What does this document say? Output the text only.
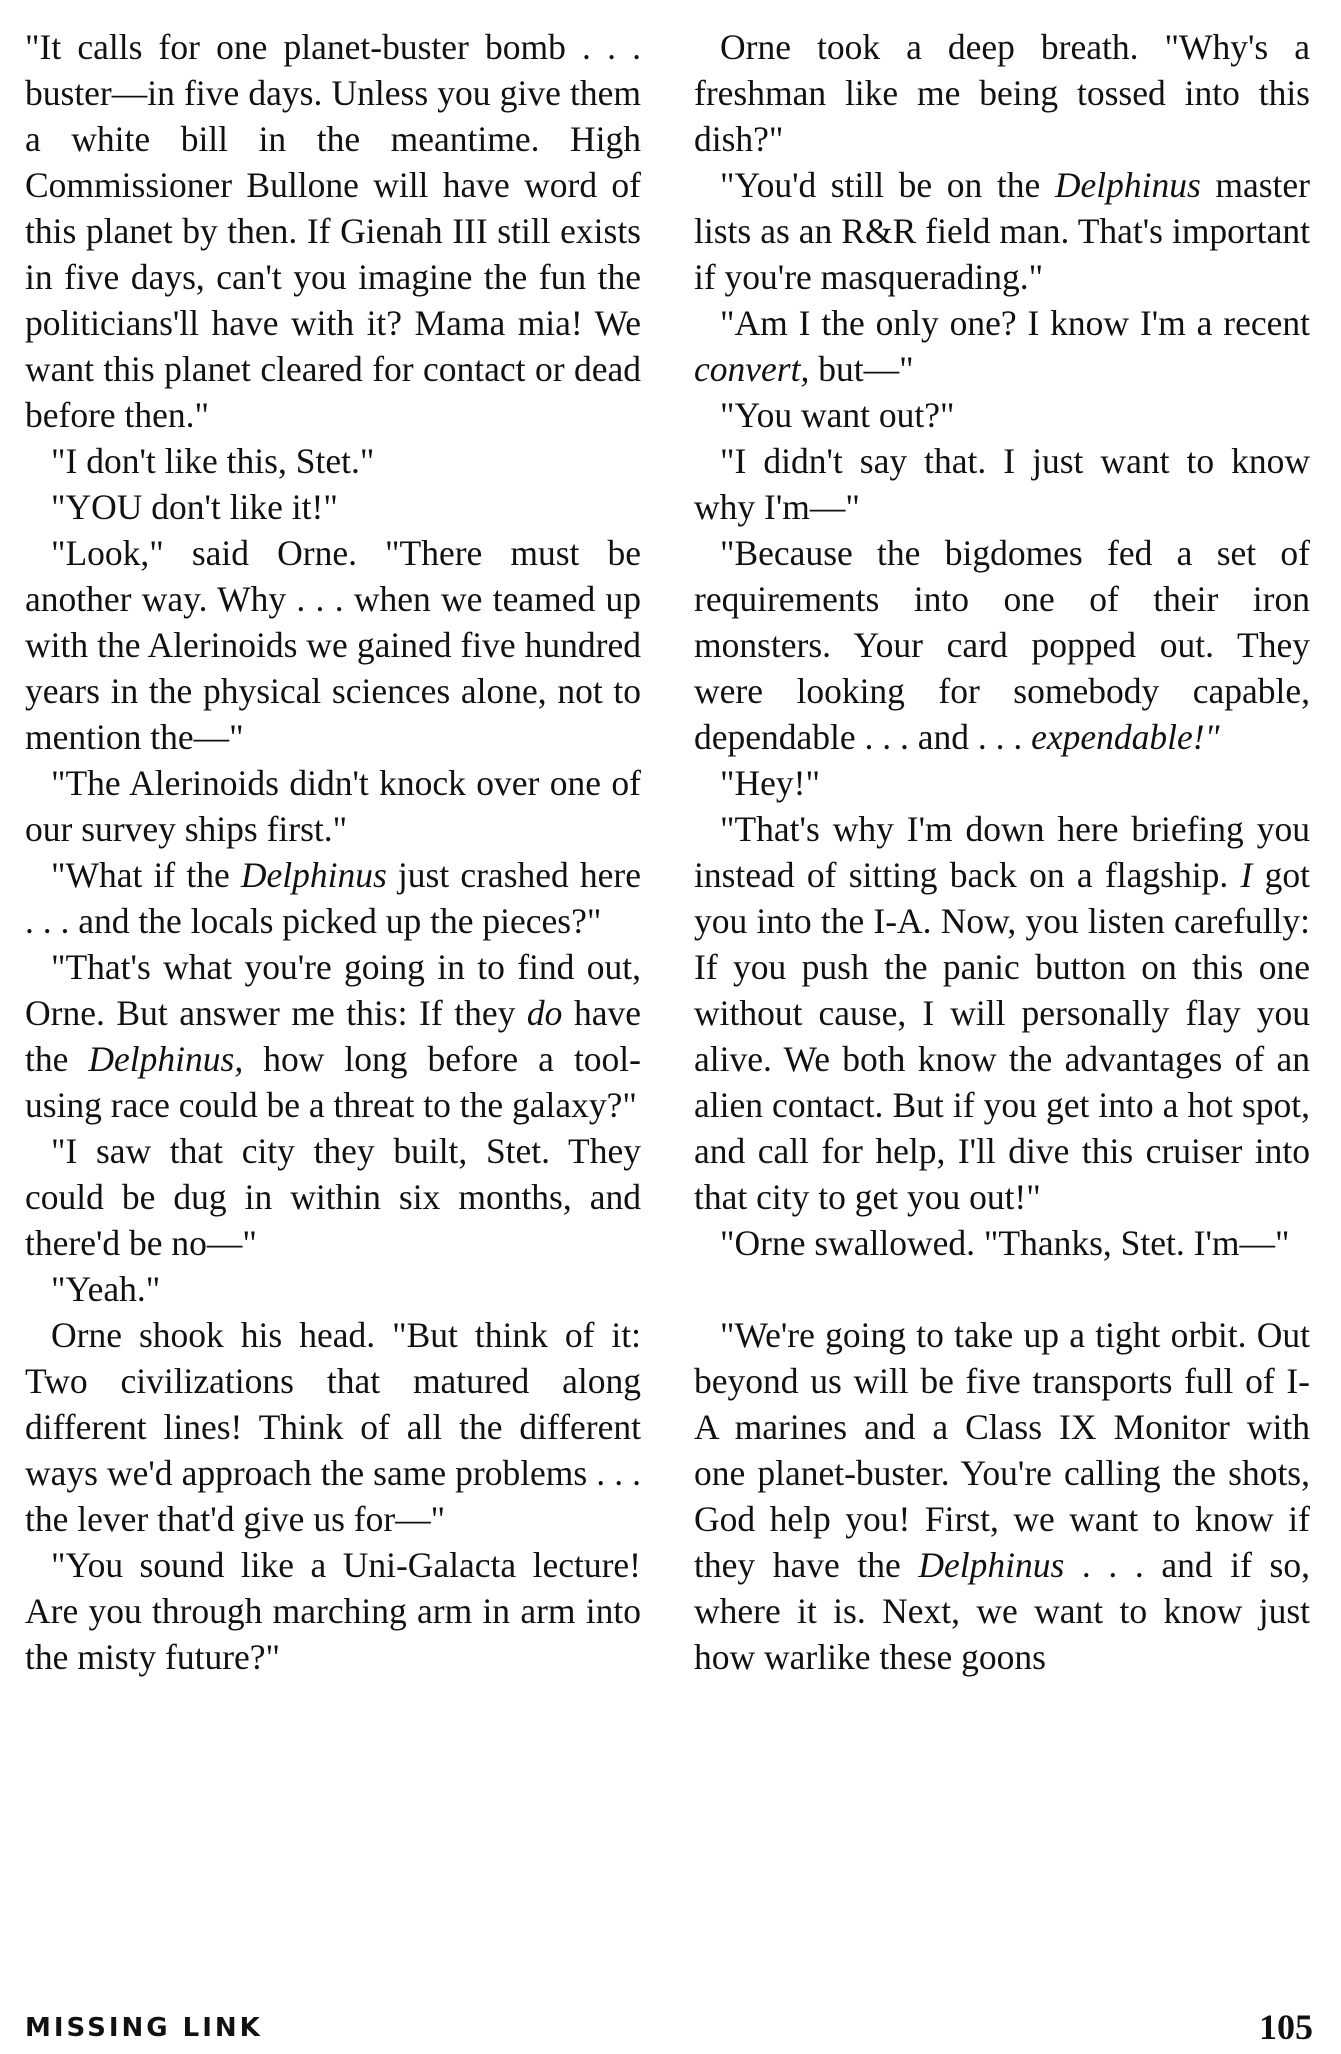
"It calls for one planet-buster bomb . . . buster—in five days. Unless you give them a white bill in the meantime. High Commissioner Bullone will have word of this planet by then. If Gienah III still exists in five days, can't you imagine the fun the politicians'll have with it? Mama mia! We want this planet cleared for contact or dead before then."

"I don't like this, Stet."

"YOU don't like it!"

"Look," said Orne. "There must be another way. Why . . . when we teamed up with the Alerinoids we gained five hundred years in the physical sciences alone, not to mention the—"

"The Alerinoids didn't knock over one of our survey ships first."

"What if the Delphinus just crashed here . . . and the locals picked up the pieces?"

"That's what you're going in to find out, Orne. But answer me this: If they do have the Delphinus, how long before a tool-using race could be a threat to the galaxy?"

"I saw that city they built, Stet. They could be dug in within six months, and there'd be no—"

"Yeah."

Orne shook his head. "But think of it: Two civilizations that matured along different lines! Think of all the different ways we'd approach the same problems . . . the lever that'd give us for—"

"You sound like a Uni-Galacta lecture! Are you through marching arm in arm into the misty future?"

Orne took a deep breath. "Why's a freshman like me being tossed into this dish?"

"You'd still be on the Delphinus master lists as an R&R field man. That's important if you're masquerading."

"Am I the only one? I know I'm a recent convert, but—"

"You want out?"

"I didn't say that. I just want to know why I'm—"

"Because the bigdomes fed a set of requirements into one of their iron monsters. Your card popped out. They were looking for somebody capable, dependable . . . and . . . expendable!"

"Hey!"

"That's why I'm down here briefing you instead of sitting back on a flagship. I got you into the I-A. Now, you listen carefully: If you push the panic button on this one without cause, I will personally flay you alive. We both know the advantages of an alien contact. But if you get into a hot spot, and call for help, I'll dive this cruiser into that city to get you out!"

"Orne swallowed. "Thanks, Stet. I'm—"

"We're going to take up a tight orbit. Out beyond us will be five transports full of I-A marines and a Class IX Monitor with one planet-buster. You're calling the shots, God help you! First, we want to know if they have the Delphinus . . . and if so, where it is. Next, we want to know just how warlike these goons

MISSING LINK	105
